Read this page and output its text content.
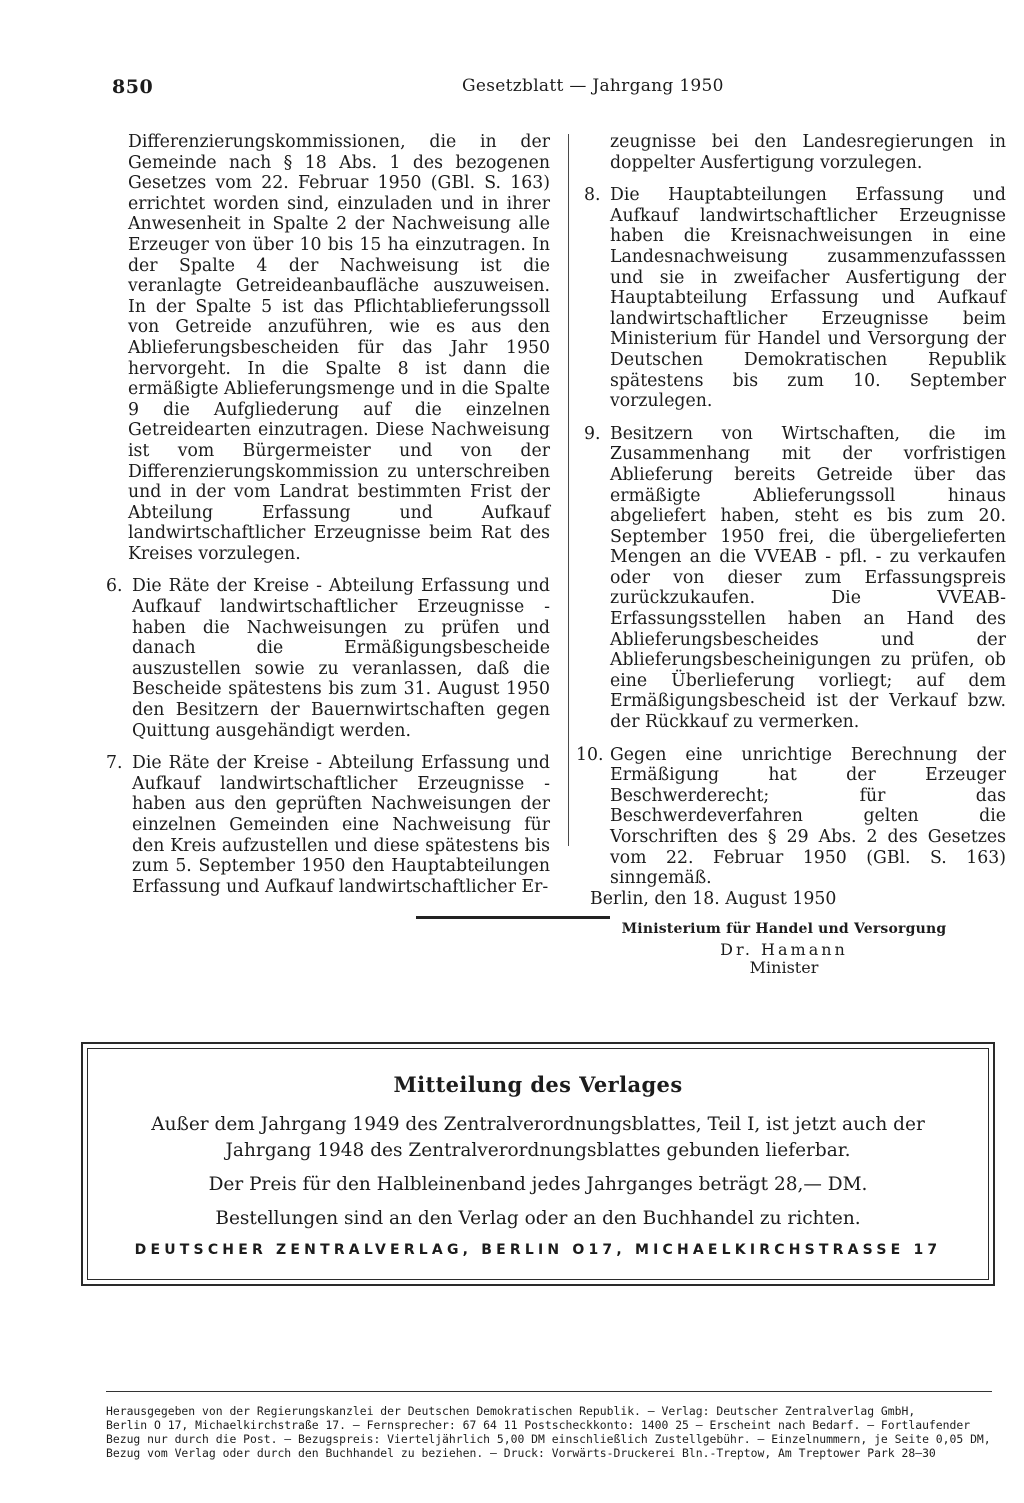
850	Gesetzblatt — Jahrgang 1950

Differenzierungskommissionen, die in der Gemeinde nach § 18 Abs. 1 des bezogenen Gesetzes vom 22. Februar 1950 (GBl. S. 163) errichtet worden sind, einzuladen und in ihrer Anwesenheit in Spalte 2 der Nachweisung alle Erzeuger von über 10 bis 15 ha einzutragen. In der Spalte 4 der Nachweisung ist die veranlagte Getreideanbaufläche auszuweisen. In der Spalte 5 ist das Pflichtablieferungssoll von Getreide anzuführen, wie es aus den Ablieferungsbescheiden für das Jahr 1950 hervorgeht. In die Spalte 8 ist dann die ermäßigte Ablieferungsmenge und in die Spalte 9 die Aufgliederung auf die einzelnen Getreidearten einzutragen. Diese Nachweisung ist vom Bürgermeister und von der Differenzierungskommission zu unterschreiben und in der vom Landrat bestimmten Frist der Abteilung Erfassung und Aufkauf landwirtschaftlicher Erzeugnisse beim Rat des Kreises vorzulegen.

6. Die Räte der Kreise - Abteilung Erfassung und Aufkauf landwirtschaftlicher Erzeugnisse - haben die Nachweisungen zu prüfen und danach die Ermäßigungsbescheide auszustellen sowie zu veranlassen, daß die Bescheide spätestens bis zum 31. August 1950 den Besitzern der Bauernwirtschaften gegen Quittung ausgehändigt werden.

7. Die Räte der Kreise - Abteilung Erfassung und Aufkauf landwirtschaftlicher Erzeugnisse - haben aus den geprüften Nachweisungen der einzelnen Gemeinden eine Nachweisung für den Kreis aufzustellen und diese spätestens bis zum 5. September 1950 den Hauptabteilungen Erfassung und Aufkauf landwirtschaftlicher Er-

zeugnisse bei den Landesregierungen in doppelter Ausfertigung vorzulegen.

8. Die Hauptabteilungen Erfassung und Aufkauf landwirtschaftlicher Erzeugnisse haben die Kreisnachweisungen in eine Landesnachweisung zusammenzufasssen und sie in zweifacher Ausfertigung der Hauptabteilung Erfassung und Aufkauf landwirtschaftlicher Erzeugnisse beim Ministerium für Handel und Versorgung der Deutschen Demokratischen Republik spätestens bis zum 10. September vorzulegen.

9. Besitzern von Wirtschaften, die im Zusammenhang mit der vorfristigen Ablieferung bereits Getreide über das ermäßigte Ablieferungssoll hinaus abgeliefert haben, steht es bis zum 20. September 1950 frei, die übergelieferten Mengen an die VVEAB - pfl. - zu verkaufen oder von dieser zum Erfassungspreis zurückzukaufen. Die VVEAB-Erfassungsstellen haben an Hand des Ablieferungsbescheides und der Ablieferungsbescheinigungen zu prüfen, ob eine Überlieferung vorliegt; auf dem Ermäßigungsbescheid ist der Verkauf bzw. der Rückkauf zu vermerken.

10. Gegen eine unrichtige Berechnung der Ermäßigung hat der Erzeuger Beschwerderecht; für das Beschwerdeverfahren gelten die Vorschriften des § 29 Abs. 2 des Gesetzes vom 22. Februar 1950 (GBl. S. 163) sinngemäß.

Berlin, den 18. August 1950

Ministerium für Handel und Versorgung
Dr. Hamann
Minister
Mitteilung des Verlages
Außer dem Jahrgang 1949 des Zentralverordnungsblattes, Teil I, ist jetzt auch der
Jahrgang 1948 des Zentralverordnungsblattes gebunden lieferbar.
Der Preis für den Halbleinenband jedes Jahrganges beträgt 28,— DM.
Bestellungen sind an den Verlag oder an den Buchhandel zu richten.
DEUTSCHER ZENTRALVERLAG, BERLIN O17, MICHAELKIRCHSTRASSE 17

Herausgegeben von der Regierungskanzlei der Deutschen Demokratischen Republik. — Verlag: Deutscher Zentralverlag GmbH,

Berlin O 17, Michaelkirchstraße 17. — Fernsprecher: 67 64 11 Postscheckkonto: 1400 25 — Erscheint nach Bedarf. — Fortlaufender

Bezug nur durch die Post. — Bezugspreis: Vierteljährlich 5,00 DM einschließlich Zustellgebühr. — Einzelnummern, je Seite 0,05 DM,

Bezug vom Verlag oder durch den Buchhandel zu beziehen. — Druck: Vorwärts-Druckerei Bln.-Treptow, Am Treptower Park 28—30
